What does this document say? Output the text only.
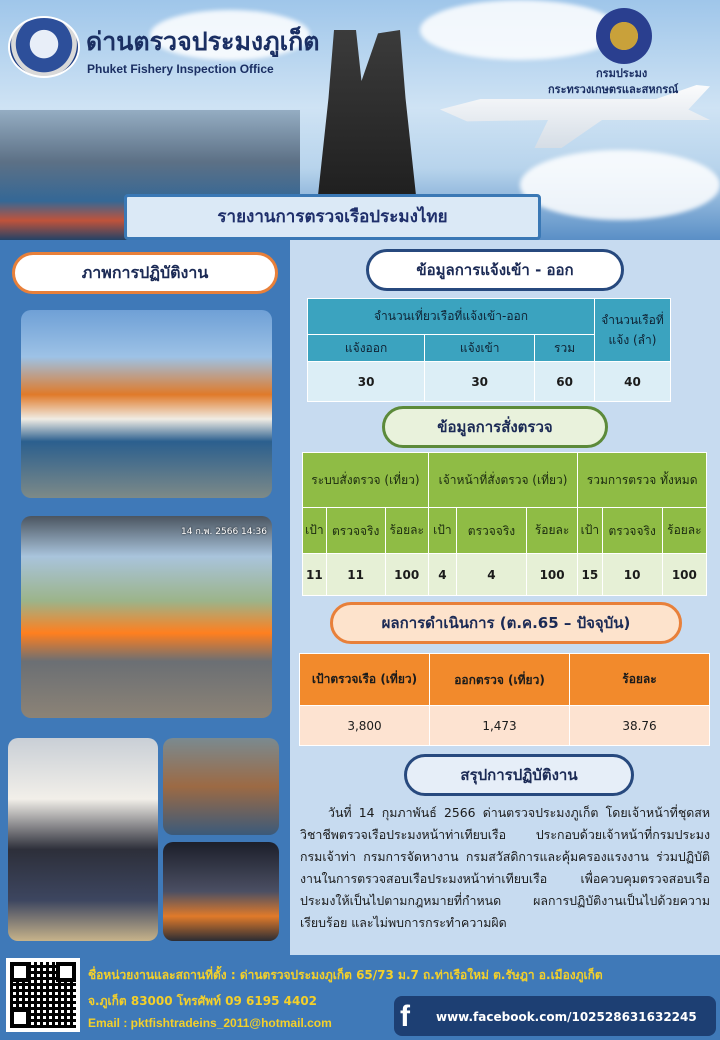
ด่านตรวจประมงภูเก็ต
Phuket Fishery Inspection Office	กรมประมง
กระทรวงเกษตรและสหกรณ์
รายงานการตรวจเรือประมงไทย
ภาพการปฏิบัติงาน
14 ก.พ. 2566 14:36
ข้อมูลการแจ้งเข้า - ออก
จำนวนเที่ยวเรือที่แจ้งเข้า-ออก			จำนวนเรือที่แจ้ง (ลำ)
แจ้งออก	แจ้งเข้า	รวม	
30	30	60	40
ข้อมูลการสั่งตรวจ
ระบบสั่งตรวจ (เที่ยว)			เจ้าหน้าที่สั่งตรวจ (เที่ยว)			รวมการตรวจ ทั้งหมด		
เป้า	ตรวจจริง	ร้อยละ	เป้า	ตรวจจริง	ร้อยละ	เป้า	ตรวจจริง	ร้อยละ
11	11	100	4	4	100	15	10	100
ผลการดำเนินการ (ต.ค.65 – ปัจจุบัน)
เป้าตรวจเรือ (เที่ยว)	ออกตรวจ (เที่ยว)	ร้อยละ
3,800	1,473	38.76
สรุปการปฏิบัติงาน
วันที่ 14 กุมภาพันธ์ 2566 ด่านตรวจประมงภูเก็ต โดยเจ้าหน้าที่ชุดสหวิชาชีพตรวจเรือประมงหน้าท่าเทียบเรือ ประกอบด้วยเจ้าหน้าที่กรมประมง กรมเจ้าท่า กรมการจัดหางาน กรมสวัสดิการและคุ้มครองแรงงาน ร่วมปฏิบัติงานในการตรวจสอบเรือประมงหน้าท่าเทียบเรือ เพื่อควบคุมตรวจสอบเรือประมงให้เป็นไปตามกฎหมายที่กำหนด ผลการปฏิบัติงานเป็นไปด้วยความเรียบร้อย และไม่พบการกระทำความผิด
ชื่อหน่วยงานและสถานที่ตั้ง : ด่านตรวจประมงภูเก็ต 65/73 ม.7 ถ.ท่าเรือใหม่ ต.รัษฎา อ.เมืองภูเก็ต
จ.ภูเก็ต 83000 โทรศัพท์ 09 6195 4402
Email : pktfishtradeins_2011@hotmail.com f	www.facebook.com/102528631632245
